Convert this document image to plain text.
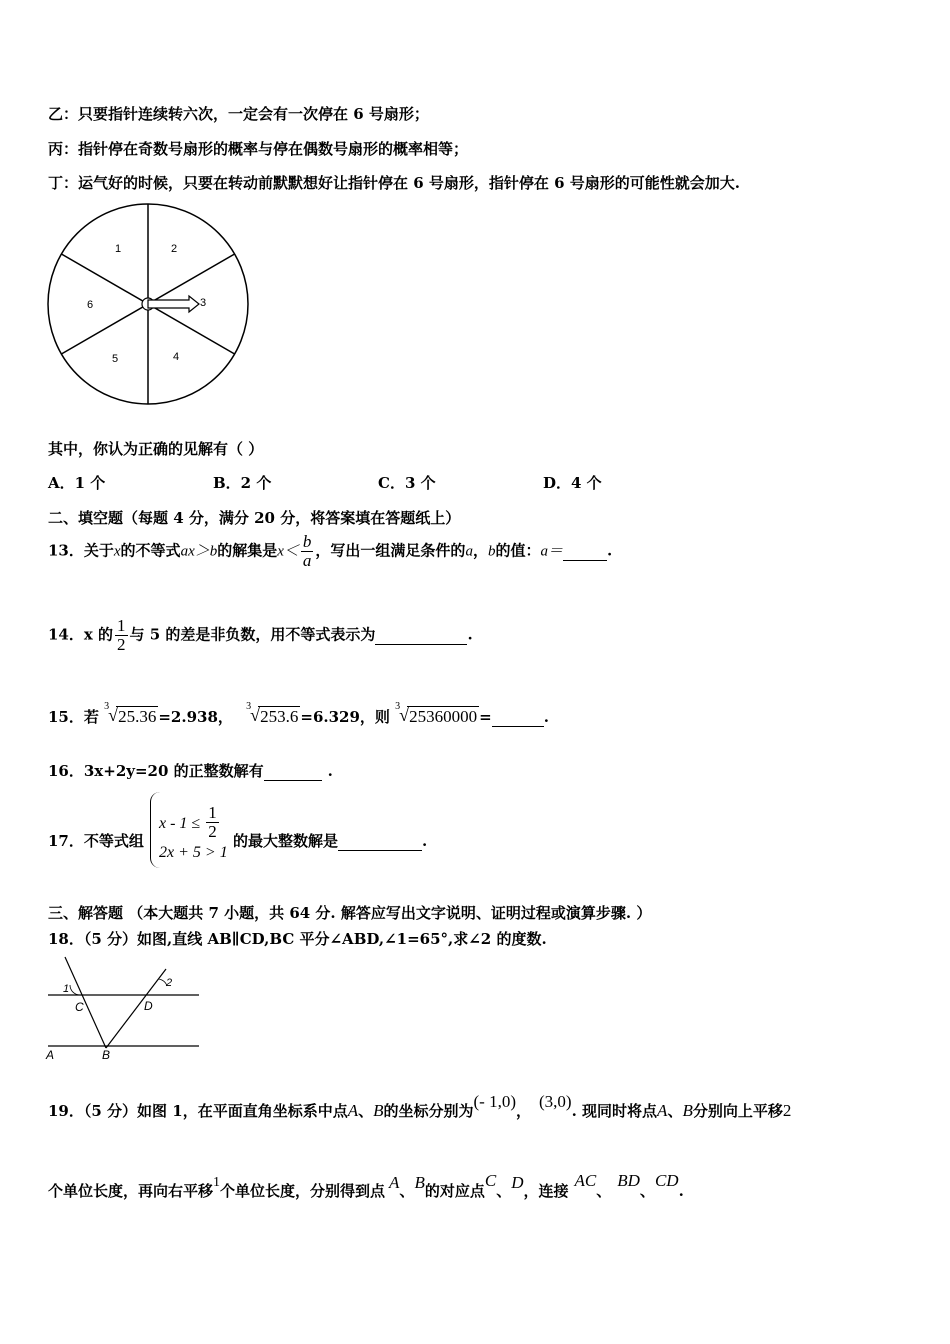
乙：只要指针连续转六次，一定会有一次停在 6 号扇形；
丙：指针停在奇数号扇形的概率与停在偶数号扇形的概率相等；
丁：运气好的时候，只要在转动前默默想好让指针停在 6 号扇形，指针停在 6 号扇形的可能性就会加大.
1	2
3
4
5
6
其中，你认为正确的见解有（ ）
A．1 个	B．2 个	C．3 个	D．4 个
二、填空题（每题 4 分，满分 20 分，将答案填在答题纸上）
13．关于x的不等式ax＞b的解集是$x< \frac{b}{a}$ ，写出一组满足条件的a，b的值：a＝	.
14．x 的 $\frac{1}{2}$ 与 5 的差是非负数，用不等式表示为	.
15．若
3 √ 25.36 =2.938，
3 √ 253.6 =6.329，则
3 √ 25360000 =	.
16．3x+2y=20 的正整数解有	.
17．不等式组
$x - 1 \le \frac{1}{2}$
2x + 5 > 1
的最大整数解是	.
三、解答题 （本大题共 7 小题，共 64 分. 解答应写出文字说明、证明过程或演算步骤. ）
18．（5 分）如图,直线 AB∥CD,BC 平分∠ABD,∠1=65°,求∠2 的度数.
1	2
C	D
A	B
19．（5 分）如图 1，在平面直角坐标系中点A、B的坐标分别为(- 1,0)， (3,0). 现同时将点A、B分别向上平移2
个单位长度，再向右平移1个单位长度，分别得到点 A、B的对应点C、D，连接AC、BD、CD.
